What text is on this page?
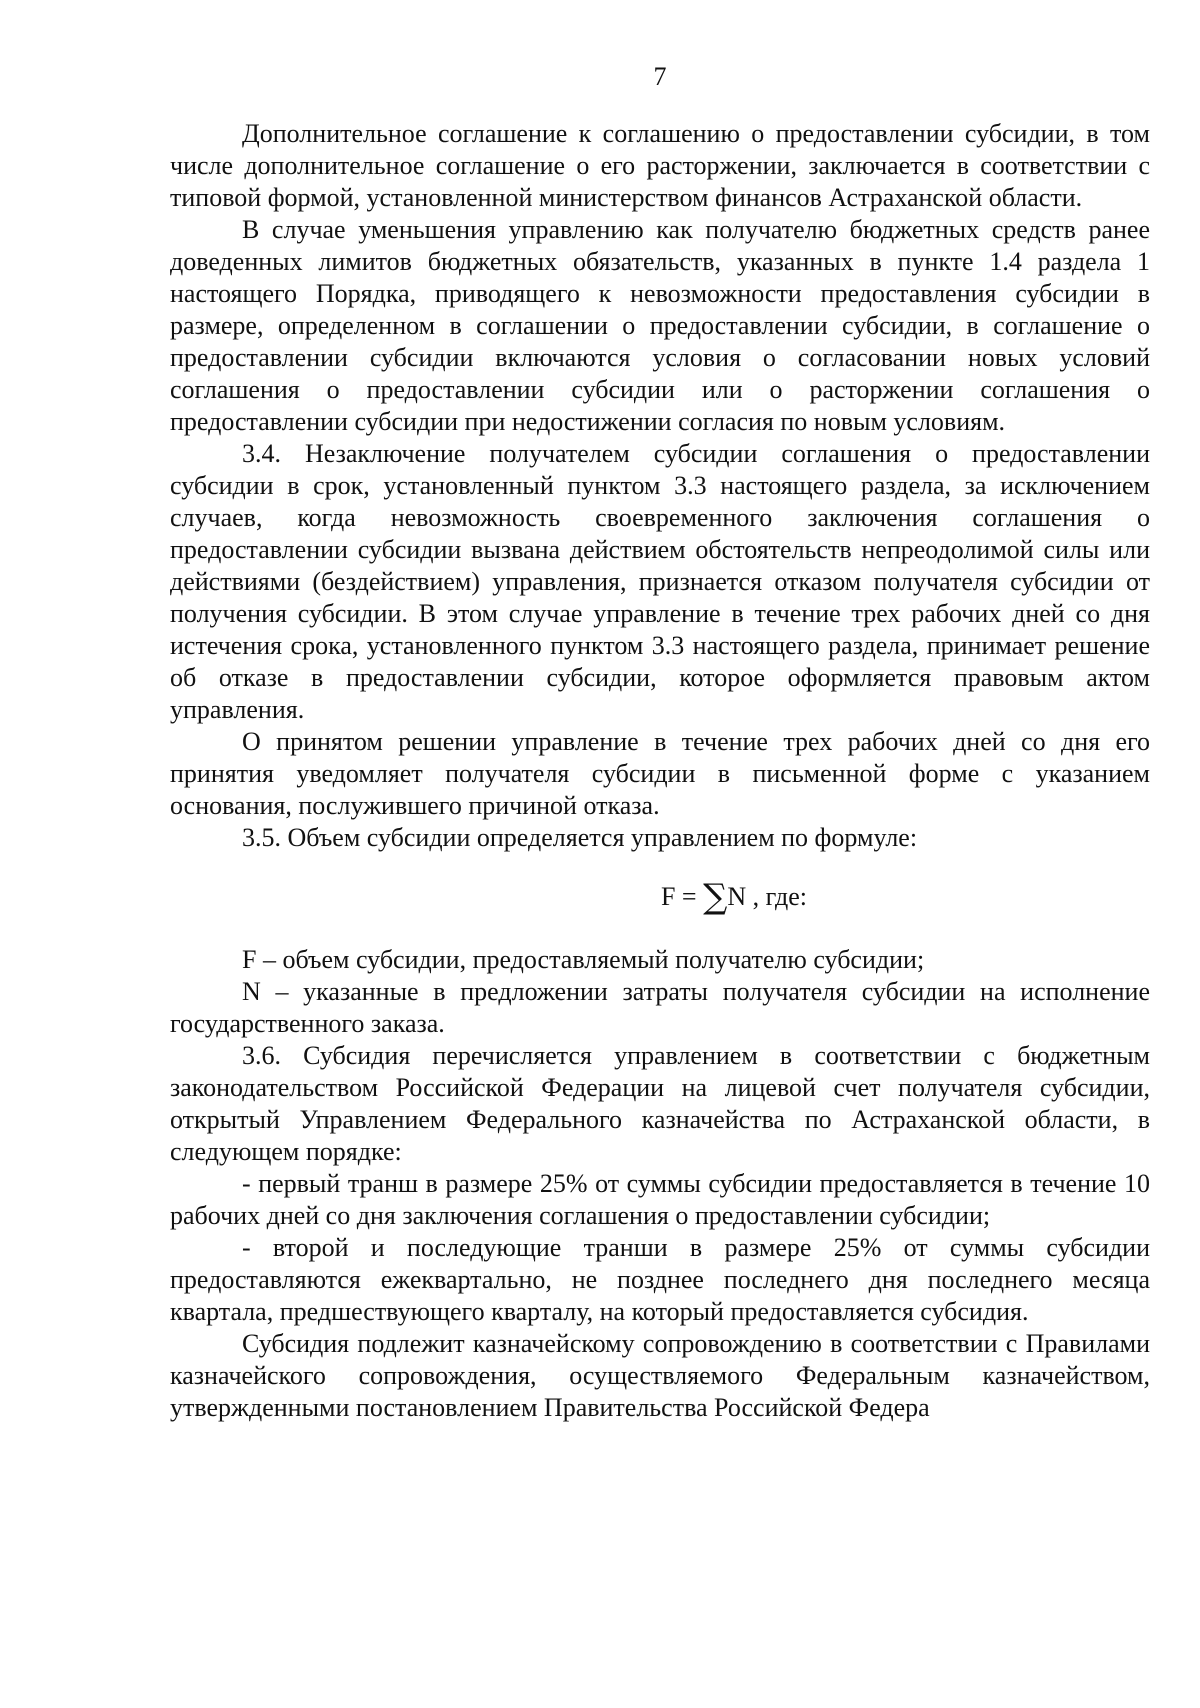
7

Дополнительное соглашение к соглашению о предоставлении субсидии, в том числе дополнительное соглашение о его расторжении, заключается в соответствии с типовой формой, установленной министерством финансов Астраханской области.

В случае уменьшения управлению как получателю бюджетных средств ранее доведенных лимитов бюджетных обязательств, указанных в пункте 1.4 раздела 1 настоящего Порядка, приводящего к невозможности предоставления субсидии в размере, определенном в соглашении о предоставлении субсидии, в соглашение о предоставлении субсидии включаются условия о согласовании новых условий соглашения о предоставлении субсидии или о расторжении соглашения о предоставлении субсидии при недостижении согласия по новым условиям.

3.4. Незаключение получателем субсидии соглашения о предоставлении субсидии в срок, установленный пунктом 3.3 настоящего раздела, за исключением случаев, когда невозможность своевременного заключения соглашения о предоставлении субсидии вызвана действием обстоятельств непреодолимой силы или действиями (бездействием) управления, признается отказом получателя субсидии от получения субсидии. В этом случае управление в течение трех рабочих дней со дня истечения срока, установленного пунктом 3.3 настоящего раздела, принимает решение об отказе в предоставлении субсидии, которое оформляется правовым актом управления.

О принятом решении управление в течение трех рабочих дней со дня его принятия уведомляет получателя субсидии в письменной форме с указанием основания, послужившего причиной отказа.

3.5. Объем субсидии определяется управлением по формуле:

F = ∑N , где:

F – объем субсидии, предоставляемый получателю субсидии;

N – указанные в предложении затраты получателя субсидии на исполнение государственного заказа.

3.6. Субсидия перечисляется управлением в соответствии с бюджетным законодательством Российской Федерации на лицевой счет получателя субсидии, открытый Управлением Федерального казначейства по Астраханской области, в следующем порядке:

- первый транш в размере 25% от суммы субсидии предоставляется в течение 10 рабочих дней со дня заключения соглашения о предоставлении субсидии;

- второй и последующие транши в размере 25% от суммы субсидии предоставляются ежеквартально, не позднее последнего дня последнего месяца квартала, предшествующего кварталу, на который предоставляется субсидия.

Субсидия подлежит казначейскому сопровождению в соответствии с Правилами казначейского сопровождения, осуществляемого Федеральным казначейством, утвержденными постановлением Правительства Российской Федера
